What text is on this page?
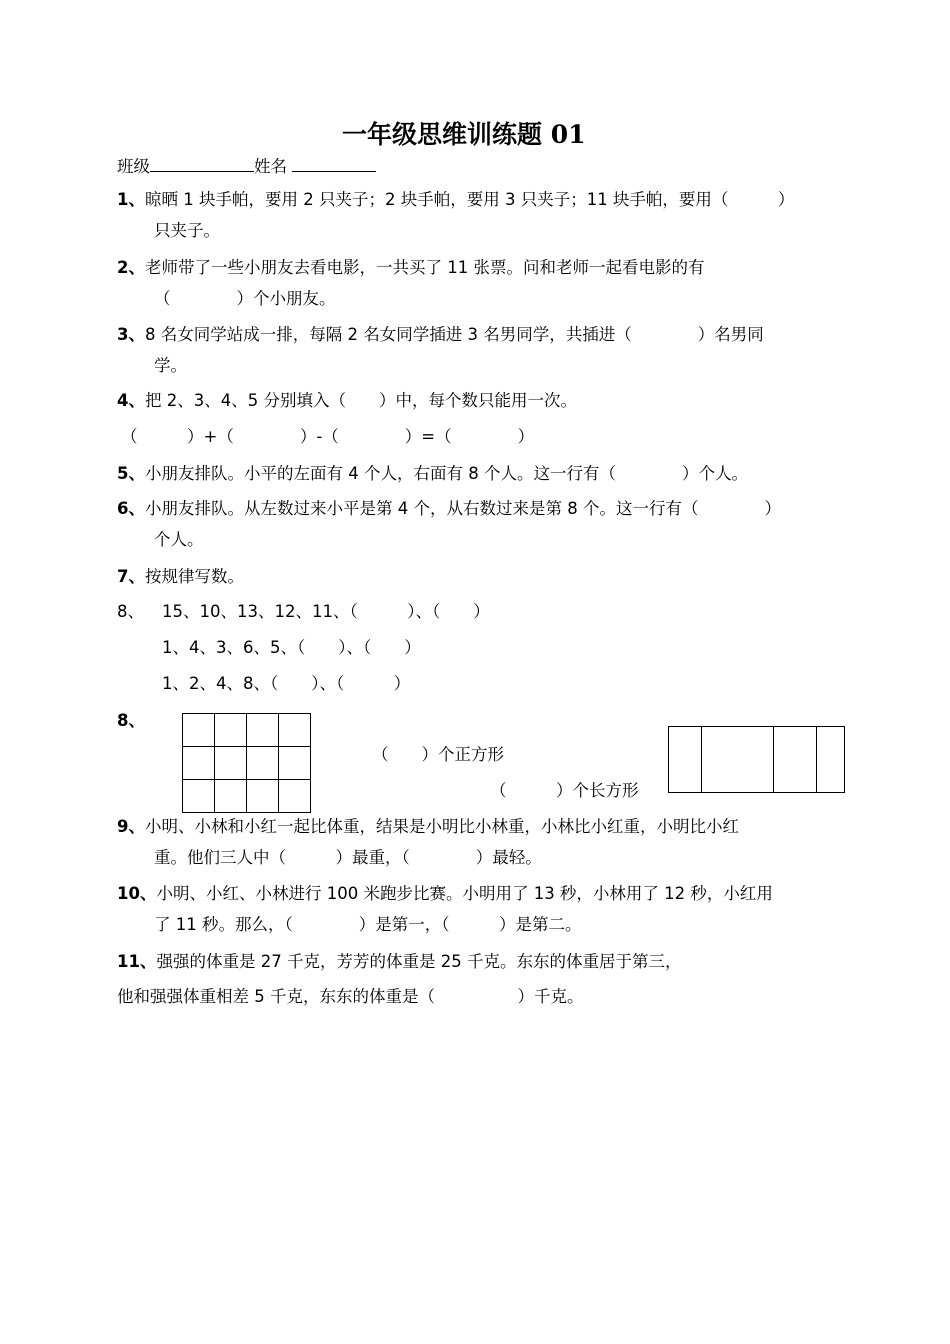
一年级思维训练题 01
班级	姓名
1、晾晒 1 块手帕，要用 2 只夹子；2 块手帕，要用 3 只夹子；11 块手帕，要用（　　　）
只夹子。
2、老师带了一些小朋友去看电影，一共买了 11 张票。问和老师一起看电影的有
（　　　　）个小朋友。
3、8 名女同学站成一排，每隔 2 名女同学插进 3 名男同学，共插进（　　　　）名男同
学。
4、把 2、3、4、5 分别填入（　　）中，每个数只能用一次。
（　　　）+（　　　　）-（　　　　）=（　　　　）
5、小朋友排队。小平的左面有 4 个人，右面有 8 个人。这一行有（　　　　）个人。
6、小朋友排队。从左数过来小平是第 4 个，从右数过来是第 8 个。这一行有（　　　　）
个人。
7、按规律写数。
8、 15、10、13、12、11、（　　　）、（　　）
1、4、3、6、5、（　　）、（　　）
1、2、4、8、（　　）、（　　　）
8、

（　　）个正方形
（　　　）个长方形
9、小明、小林和小红一起比体重，结果是小明比小林重，小林比小红重，小明比小红
重。他们三人中（　　　）最重，（　　　　）最轻。
10、小明、小红、小林进行 100 米跑步比赛。小明用了 13 秒，小林用了 12 秒，小红用
了 11 秒。那么，（　　　　）是第一，（　　　）是第二。
11、强强的体重是 27 千克，芳芳的体重是 25 千克。东东的体重居于第三，
他和强强体重相差 5 千克，东东的体重是（　　　　　）千克。
